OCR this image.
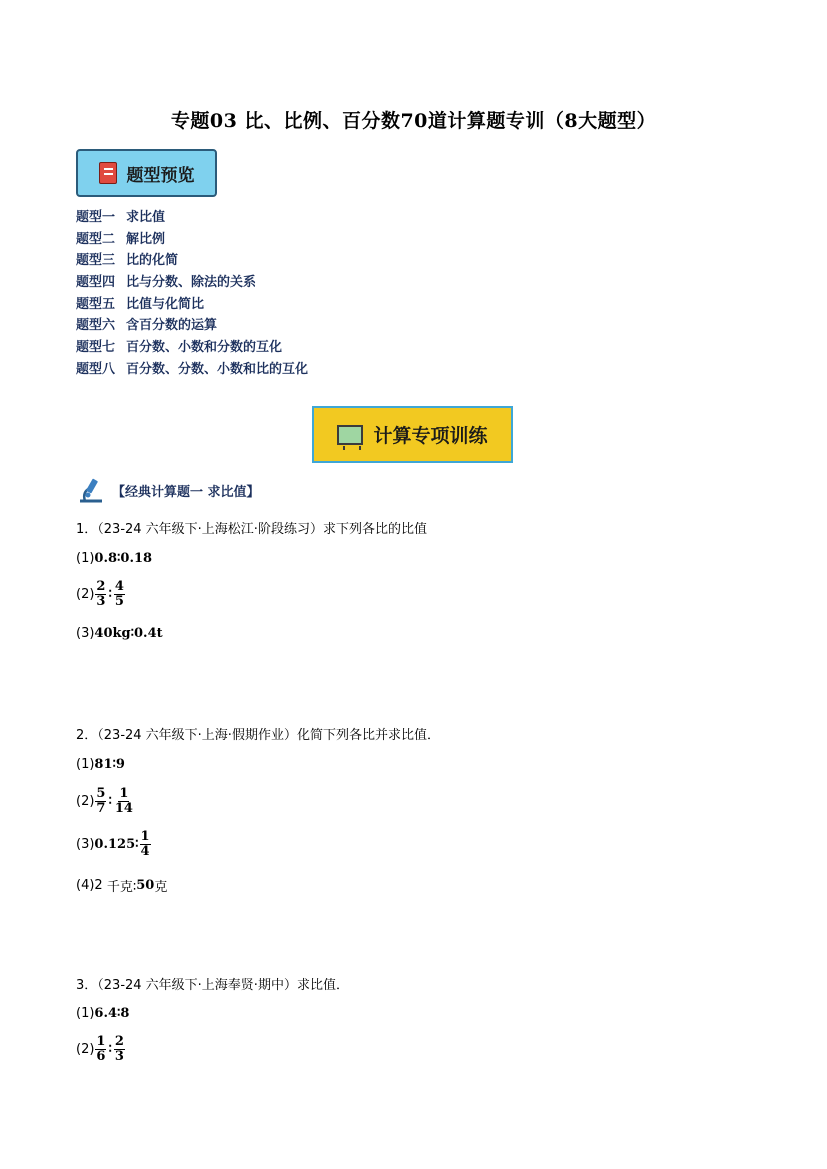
专题03 比、比例、百分数70道计算题专训（8大题型）
题型预览
题型一 求比值
题型二 解比例
题型三 比的化简
题型四 比与分数、除法的关系
题型五 比值与化简比
题型六 含百分数的运算
题型七 百分数、小数和分数的互化
题型八 百分数、分数、小数和比的互化
计算专项训练
【经典计算题一 求比值】
1．（23-24 六年级下·上海松江·阶段练习）求下列各比的比值
(1) 0.8∶0.18
$(2) \frac{2}{3}$ ∶ $\frac{4}{5}$
(3) 40kg∶0.4t
2．（23-24 六年级下·上海·假期作业）化简下列各比并求比值．
(1) 81∶9
$(2) \frac{5}{7}$ ∶ $\frac{1}{14}$
(3) 0.125∶ $\frac{1}{4}$
(4) 2
千克∶ 50 克
3．（23-24 六年级下·上海奉贤·期中）求比值．
(1) 6.4∶8
$(2) \frac{1}{6}$ ∶ $\frac{2}{3}$
